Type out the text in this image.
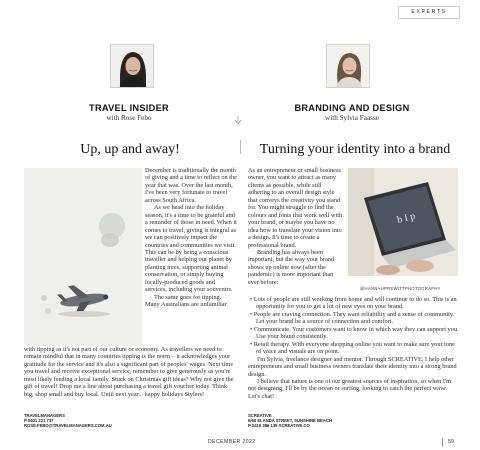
EXPERTS
TRAVEL INSIDER
with Rose Febo
BRANDING AND DESIGN
with Sylvia Faasse
Up, up and away!	Turning your identity into a brand

December is traditionally the month of giving and a time to reflect on the year that was. Over the last month, I've been very fortunate to travel across South Africa.

As we head into the holiday season, it's a time to be grateful and a reminder of those in need. When it comes to travel, giving is integral as we can positively impact the countries and communities we visit. This can be by being a conscious traveller and helping our planet by planting trees, supporting animal conservation, or simply buying locally-produced goods and services, including your souvenirs.

The same goes for tipping. Many Australians are unfamiliar

with tipping as it's not part of our culture or economy. As travellers we need to remain mindful that in many countries tipping is the norm – it acknowledges your gratitude for the service and it's also a significant part of peoples' wages. Next time you travel and receive exceptional service, remember to give generously as you're most likely feeding a local family. Stuck on Christmas gift ideas? Why not give the gift of travel! Drop me a line about purchasing a travel gift voucher today. Think big, shop small and buy local. Until next year... happy holidays Stylers!

b I p
@HANNAHPREWITTPHOTOGRAPHY

As an entrepreneur or small business owner, you want to attract as many clients as possible, while still adhering to an overall design style that conveys the creativity you stand for. You might struggle to find the colours and fonts that work well with your brand, or maybe you have no idea how to translate your vision into a design. It's time to create a professional brand.

Branding has always been important, but the way your brand shows up online now (after the pandemic) is more important than ever before:

• Lots of people are still working from home and will continue to do so. This is an opportunity for you to get a lot of new eyes on your brand.

• People are craving connection. They want reliability and a sense of community. Let your brand be a source of connection and comfort.

• Communicate. Your customers want to know in which way they can support you. Use your brand consistently.

• Retail therapy. With everyone shopping online you want to make sure your tone of voice and visuals are on point.

I'm Sylvia, freelance designer and mentor. Through SCREATIVE, I help other entrepreneurs and small business owners translate their identity into a strong brand design.

I believe that nature is one of our greatest sources of inspiration, so when I'm not designing, I'll be by the ocean or surfing, looking to catch the perfect wave. Let's chat!

TRAVELMANAGERS
P 0401 221 737
ROSE.FEBO@TRAVELMANAGERS.COM.AU
SCREATIVE
6/60 ELANDA STREET, SUNSHINE BEACH
P 0415 386 135 SCREATIVE.CO
DECEMBER 2022	59
